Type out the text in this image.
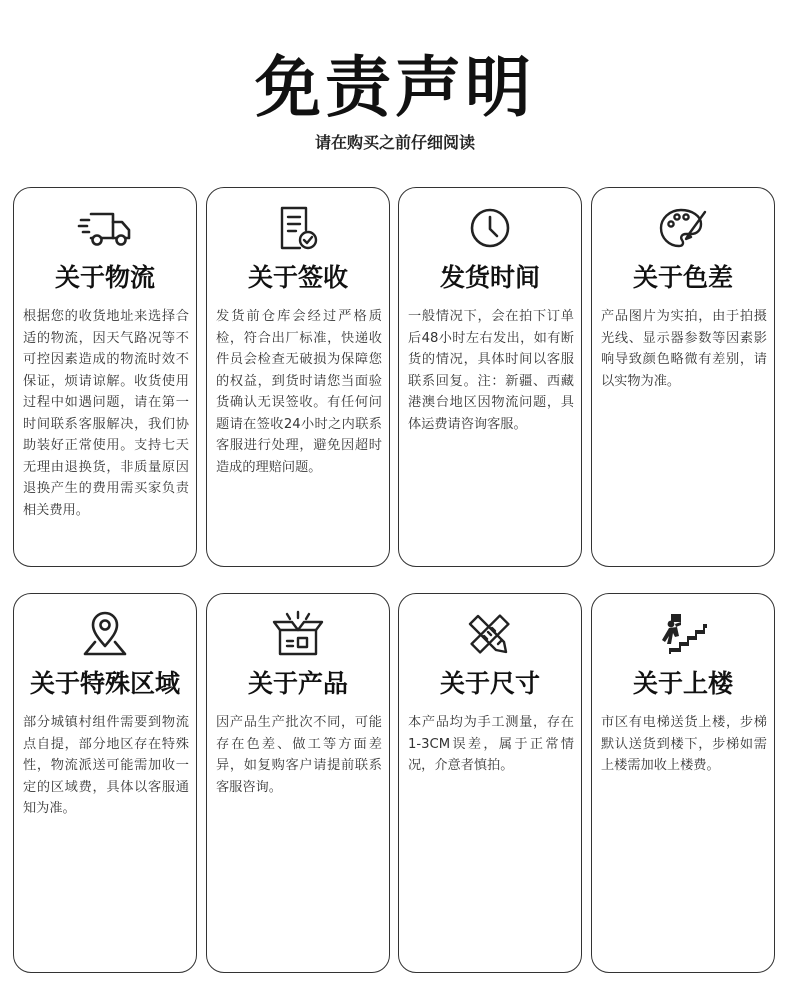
免责声明
请在购买之前仔细阅读
关于物流
根据您的收货地址来选择合适的物流，因天气路况等不可控因素造成的物流时效不保证，烦请谅解。收货使用过程中如遇问题，请在第一时间联系客服解决，我们协助装好正常使用。支持七天无理由退换货，非质量原因退换产生的费用需买家负责相关费用。
关于签收
发货前仓库会经过严格质检，符合出厂标准，快递收件员会检查无破损为保障您的权益，到货时请您当面验货确认无误签收。有任何问题请在签收24小时之内联系客服进行处理，避免因超时造成的理赔问题。
发货时间
一般情况下，会在拍下订单后48小时左右发出，如有断货的情况，具体时间以客服联系回复。注：新疆、西藏港澳台地区因物流问题，具体运费请咨询客服。
关于色差
产品图片为实拍，由于拍摄光线、显示器参数等因素影响导致颜色略微有差别，请以实物为准。
关于特殊区域
部分城镇村组件需要到物流点自提，部分地区存在特殊性，物流派送可能需加收一定的区域费，具体以客服通知为准。
关于产品
因产品生产批次不同，可能存在色差、做工等方面差异，如复购客户请提前联系客服咨询。
关于尺寸
本产品均为手工测量，存在1-3CM误差，属于正常情况，介意者慎拍。
关于上楼
市区有电梯送货上楼，步梯默认送货到楼下，步梯如需上楼需加收上楼费。
